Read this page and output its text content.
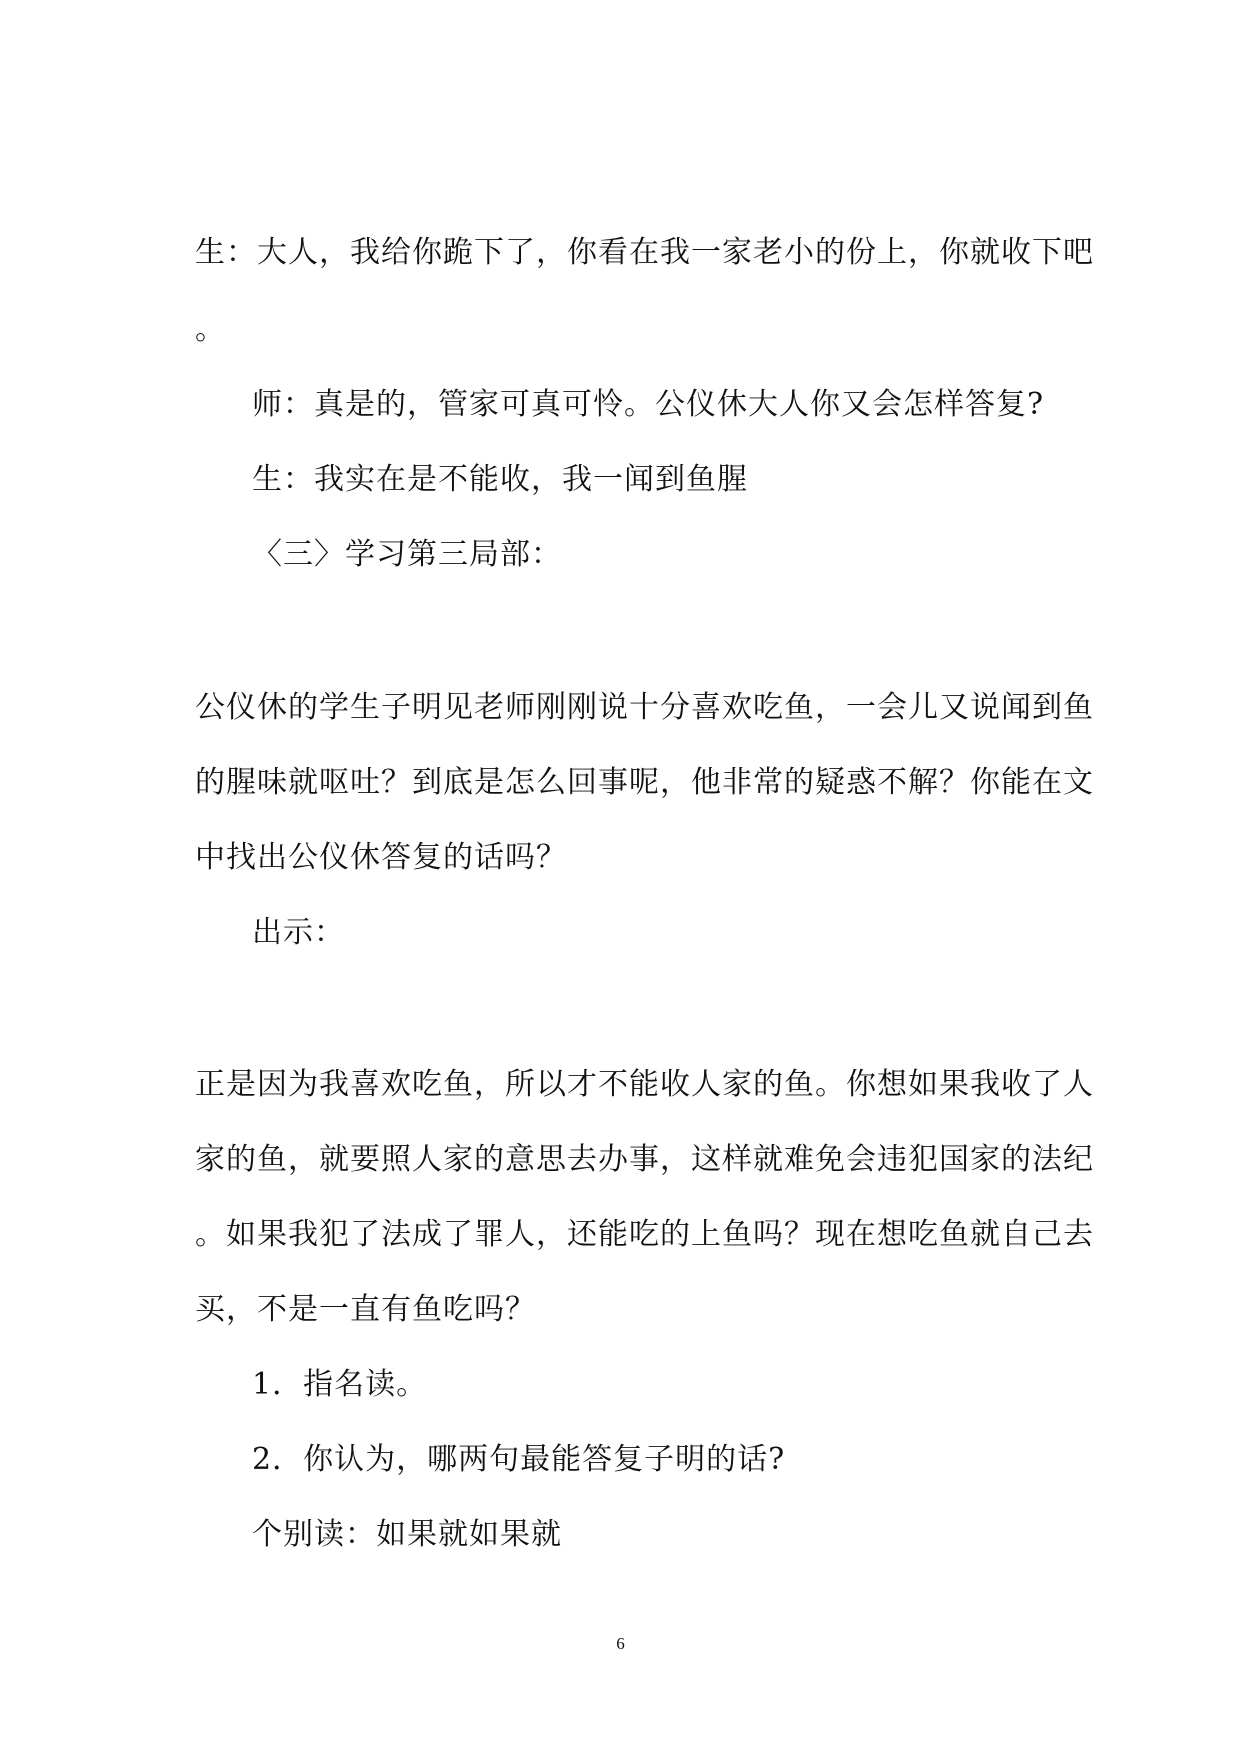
生：大人，我给你跪下了，你看在我一家老小的份上，你就收下吧
。
师：真是的，管家可真可怜。公仪休大人你又会怎样答复?
生：我实在是不能收，我一闻到鱼腥
〈三〉学习第三局部：
公仪休的学生子明见老师刚刚说十分喜欢吃鱼，一会儿又说闻到鱼
的腥味就呕吐？到底是怎么回事呢，他非常的疑惑不解？你能在文
中找出公仪休答复的话吗？
出示：
正是因为我喜欢吃鱼，所以才不能收人家的鱼。你想如果我收了人
家的鱼，就要照人家的意思去办事，这样就难免会违犯国家的法纪
。如果我犯了法成了罪人，还能吃的上鱼吗？现在想吃鱼就自己去
买，不是一直有鱼吃吗？
1．指名读。
2．你认为，哪两句最能答复子明的话?
个别读：如果就如果就
6
